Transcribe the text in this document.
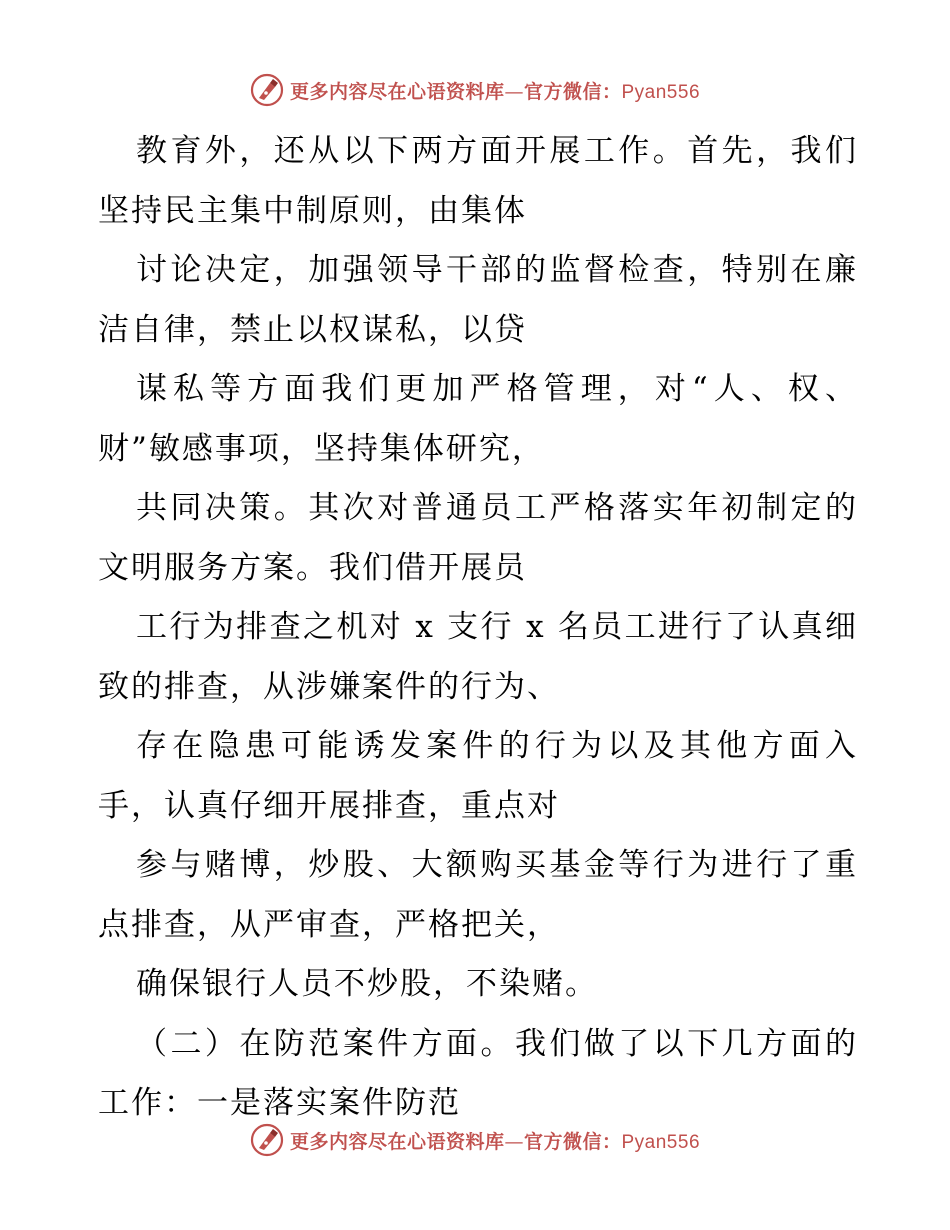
更多内容尽在心语资料库—官方微信：Pyan556

教育外，还从以下两方面开展工作。首先，我们坚持民主集中制原则，由集体

讨论决定，加强领导干部的监督检查，特别在廉洁自律，禁止以权谋私，以贷

谋私等方面我们更加严格管理，对“人、权、财”敏感事项，坚持集体研究，

共同决策。其次对普通员工严格落实年初制定的文明服务方案。我们借开展员

工行为排查之机对 x 支行 x 名员工进行了认真细致的排查，从涉嫌案件的行为、

存在隐患可能诱发案件的行为以及其他方面入手，认真仔细开展排查，重点对

参与赌博，炒股、大额购买基金等行为进行了重点排查，从严审查，严格把关，

确保银行人员不炒股，不染赌。

（二）在防范案件方面。我们做了以下几方面的工作：一是落实案件防范

更多内容尽在心语资料库—官方微信：Pyan556
